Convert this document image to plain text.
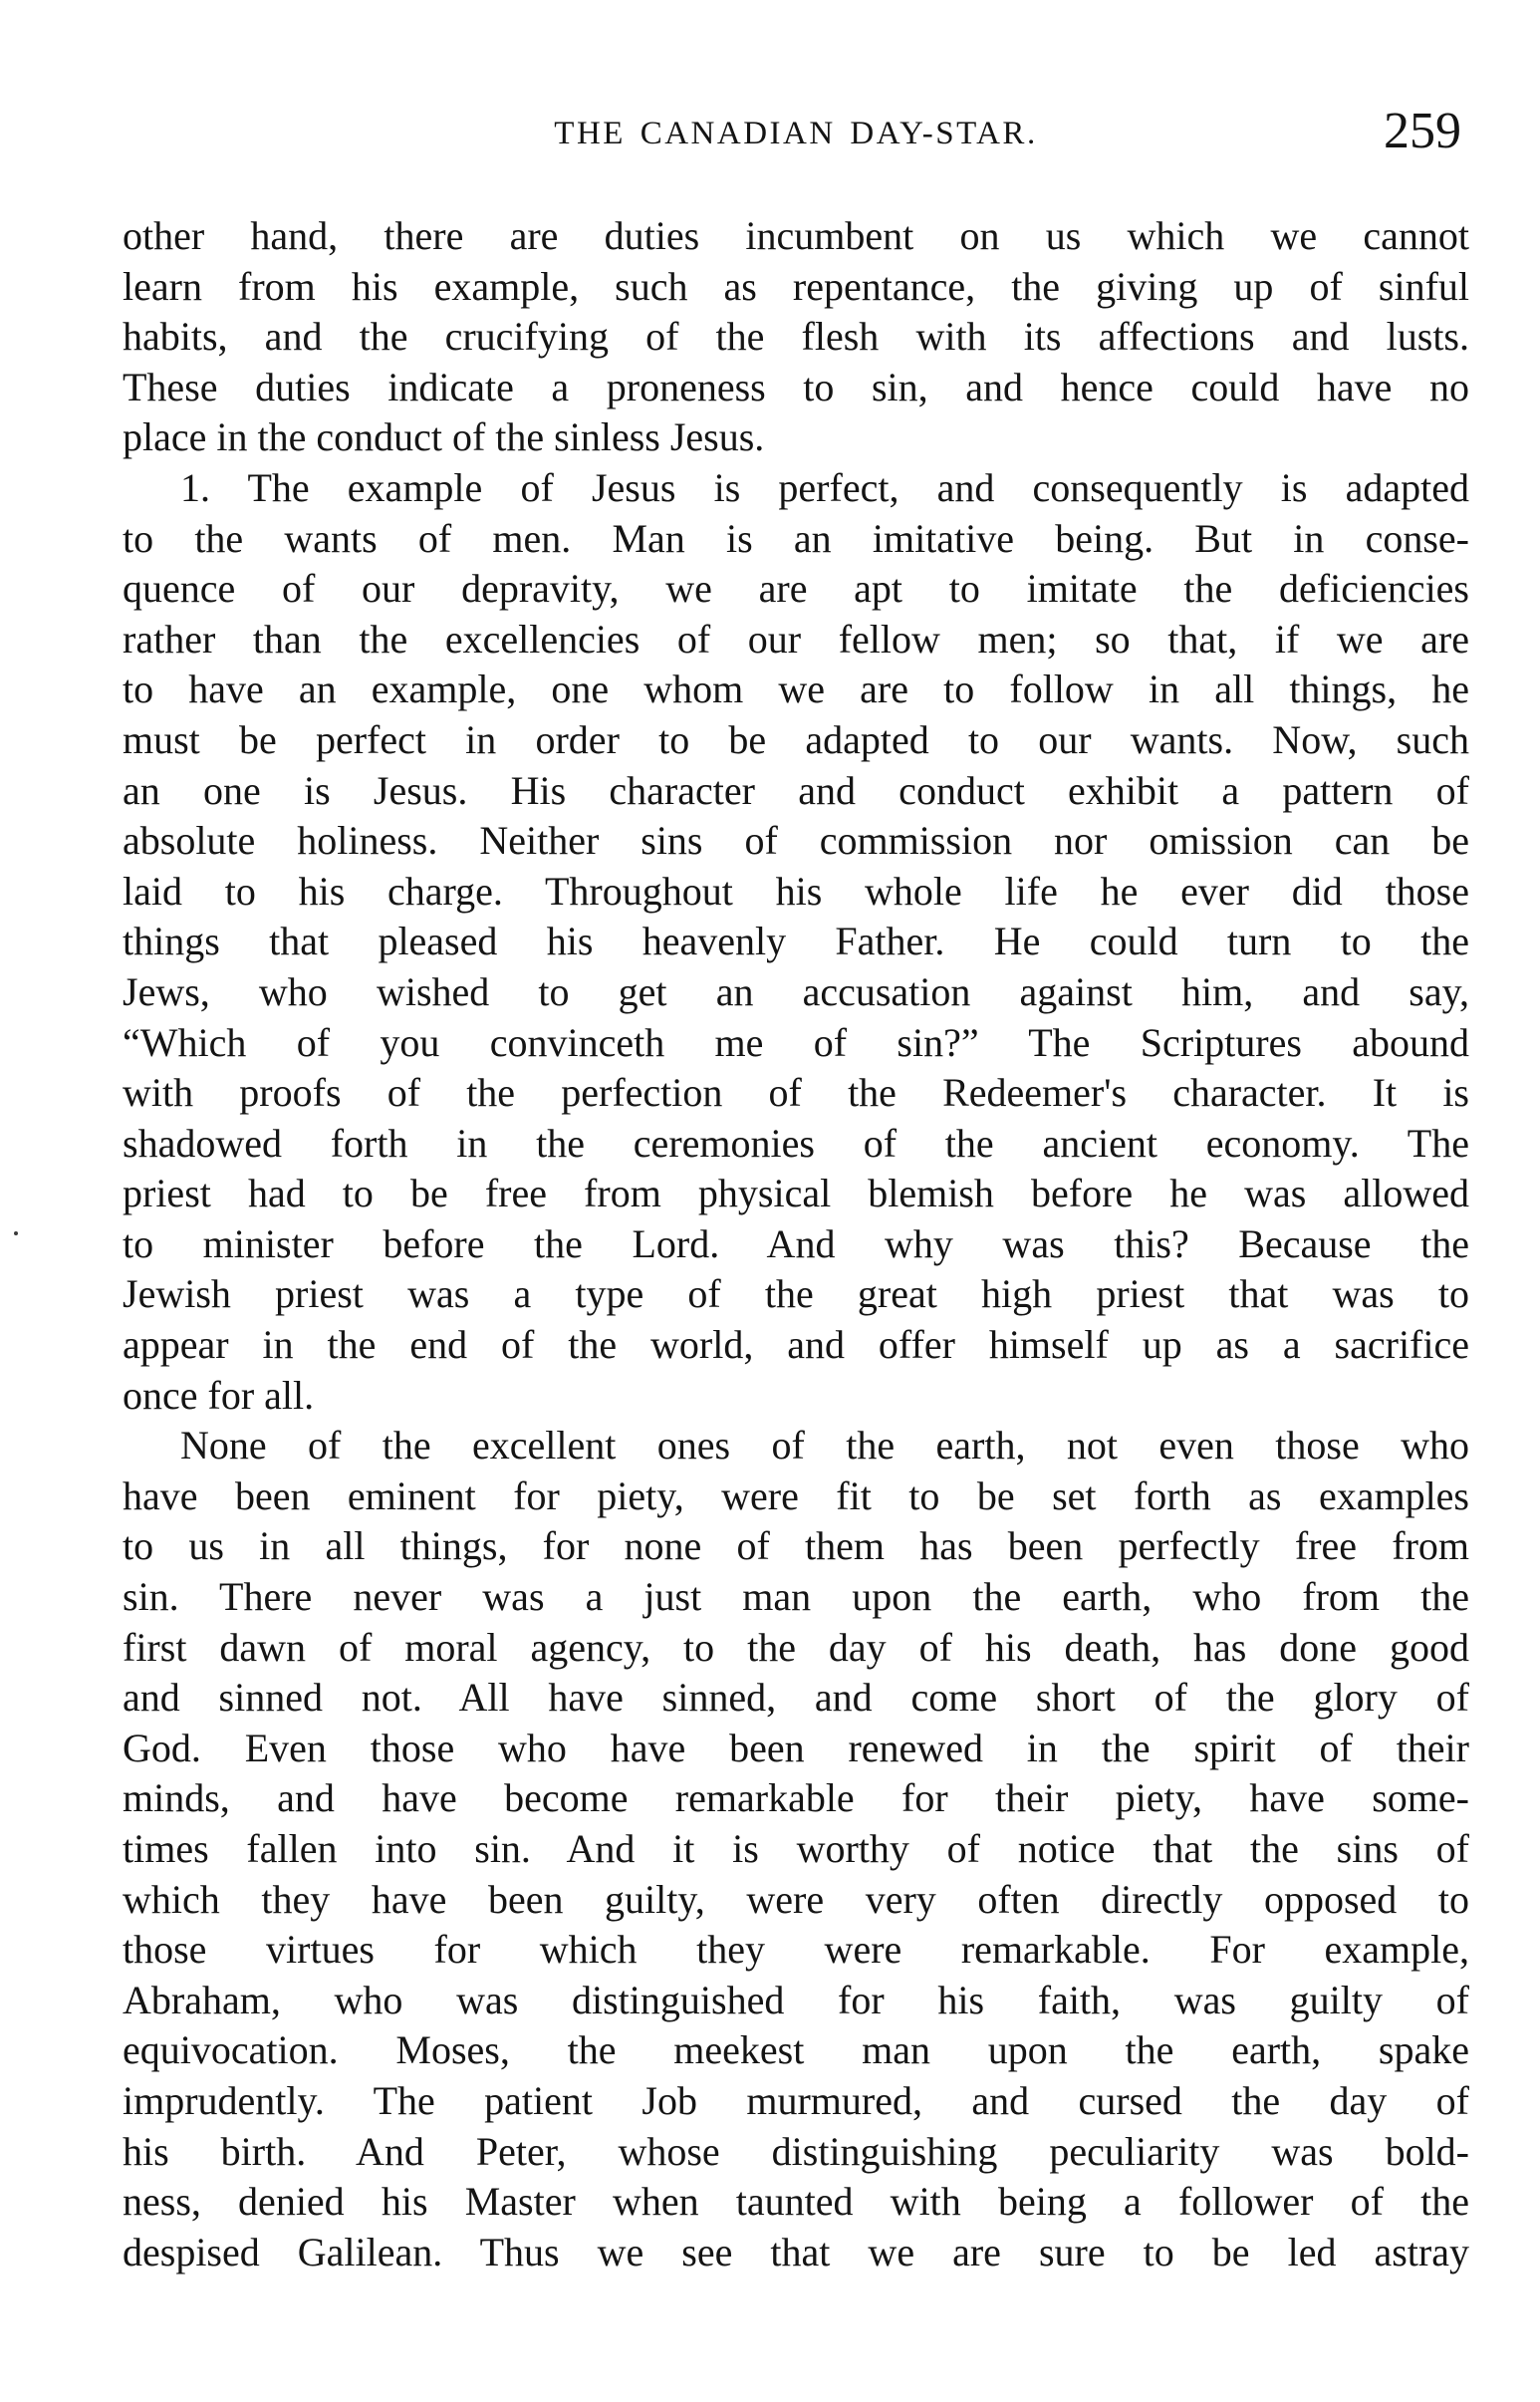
THE CANADIAN DAY-STAR.	259
other hand, there are duties incumbent on us which we cannot
learn from his example, such as repentance, the giving up of sinful
habits, and the crucifying of the flesh with its affections and lusts.
These duties indicate a proneness to sin, and hence could have no
place in the conduct of the sinless Jesus.
1. The example of Jesus is perfect, and consequently is adapted
to the wants of men. Man is an imitative being. But in conse-
quence of our depravity, we are apt to imitate the deficiencies
rather than the excellencies of our fellow men; so that, if we are
to have an example, one whom we are to follow in all things, he
must be perfect in order to be adapted to our wants. Now, such
an one is Jesus. His character and conduct exhibit a pattern of
absolute holiness. Neither sins of commission nor omission can be
laid to his charge. Throughout his whole life he ever did those
things that pleased his heavenly Father. He could turn to the
Jews, who wished to get an accusation against him, and say,
“Which of you convinceth me of sin?” The Scriptures abound
with proofs of the perfection of the Redeemer's character. It is
shadowed forth in the ceremonies of the ancient economy. The
priest had to be free from physical blemish before he was allowed
to minister before the Lord. And why was this? Because the
Jewish priest was a type of the great high priest that was to
appear in the end of the world, and offer himself up as a sacrifice
once for all.
None of the excellent ones of the earth, not even those who
have been eminent for piety, were fit to be set forth as examples
to us in all things, for none of them has been perfectly free from
sin. There never was a just man upon the earth, who from the
first dawn of moral agency, to the day of his death, has done good
and sinned not. All have sinned, and come short of the glory of
God. Even those who have been renewed in the spirit of their
minds, and have become remarkable for their piety, have some-
times fallen into sin. And it is worthy of notice that the sins of
which they have been guilty, were very often directly opposed to
those virtues for which they were remarkable. For example,
Abraham, who was distinguished for his faith, was guilty of
equivocation. Moses, the meekest man upon the earth, spake
imprudently. The patient Job murmured, and cursed the day of
his birth. And Peter, whose distinguishing peculiarity was bold-
ness, denied his Master when taunted with being a follower of the
despised Galilean. Thus we see that we are sure to be led astray
